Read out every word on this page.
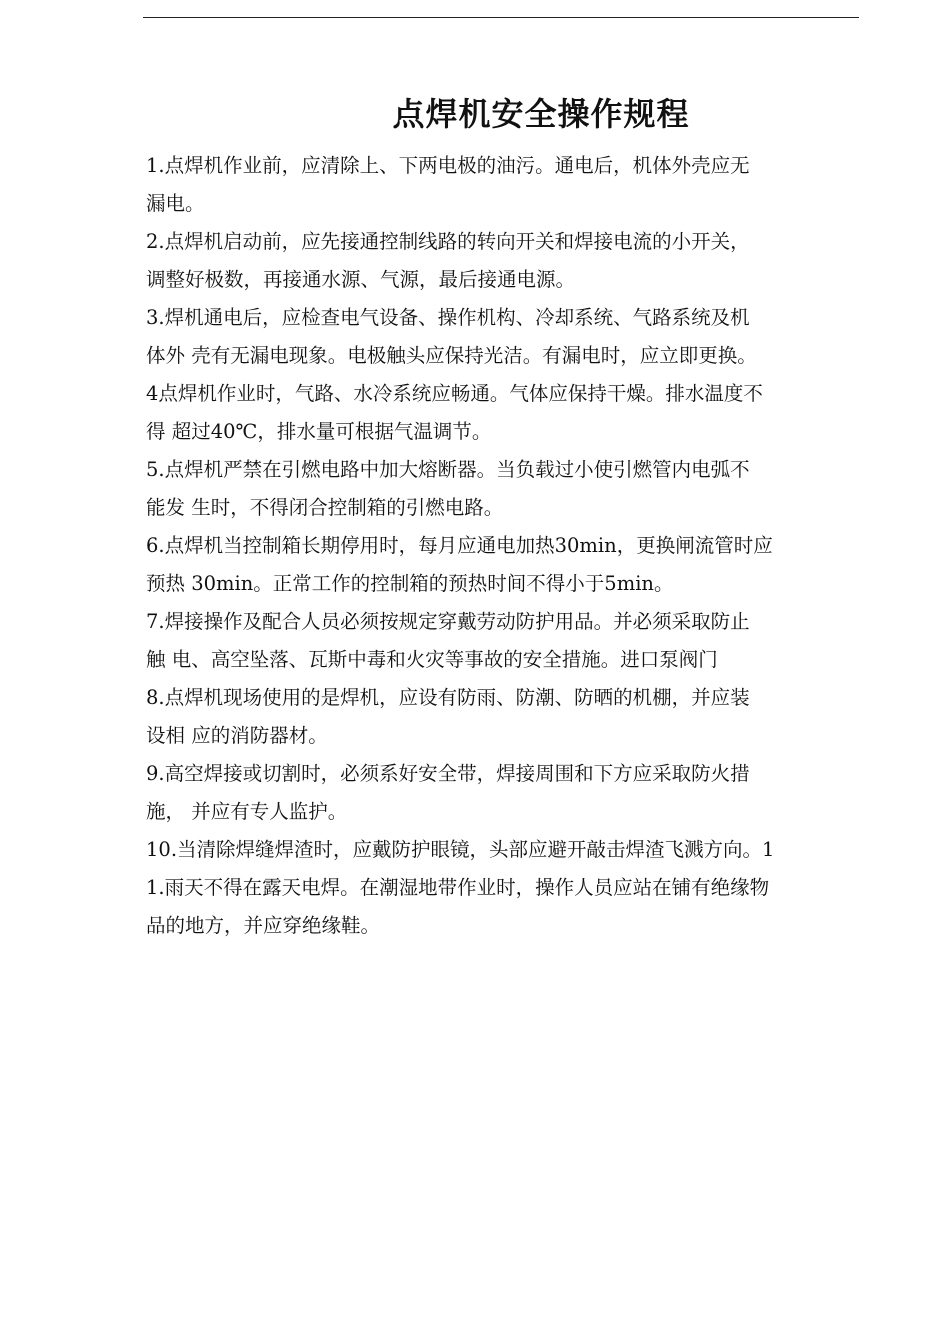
点焊机安全操作规程
1.点焊机作业前，应清除上、下两电极的油污。通电后，机体外壳应无
漏电。
2.点焊机启动前，应先接通控制线路的转向开关和焊接电流的小开关，
调整好极数，再接通水源、气源，最后接通电源。
3.焊机通电后，应检查电气设备、操作机构、冷却系统、气路系统及机
体外 壳有无漏电现象。电极触头应保持光洁。有漏电时，应立即更换。
4点焊机作业时，气路、水冷系统应畅通。气体应保持干燥。排水温度不
得 超过40℃，排水量可根据气温调节。
5.点焊机严禁在引燃电路中加大熔断器。当负载过小使引燃管内电弧不
能发 生时，不得闭合控制箱的引燃电路。
6.点焊机当控制箱长期停用时，每月应通电加热30min，更换闸流管时应
预热 30min。正常工作的控制箱的预热时间不得小于5min。
7.焊接操作及配合人员必须按规定穿戴劳动防护用品。并必须采取防止
触 电、高空坠落、瓦斯中毒和火灾等事故的安全措施。进口泵阀门
8.点焊机现场使用的是焊机，应设有防雨、防潮、防晒的机棚，并应装
设相 应的消防器材。
9.高空焊接或切割时，必须系好安全带，焊接周围和下方应采取防火措
施， 并应有专人监护。
10.当清除焊缝焊渣时，应戴防护眼镜，头部应避开敲击焊渣飞溅方向。1
1.雨天不得在露天电焊。在潮湿地带作业时，操作人员应站在铺有绝缘物
品的地方，并应穿绝缘鞋。
